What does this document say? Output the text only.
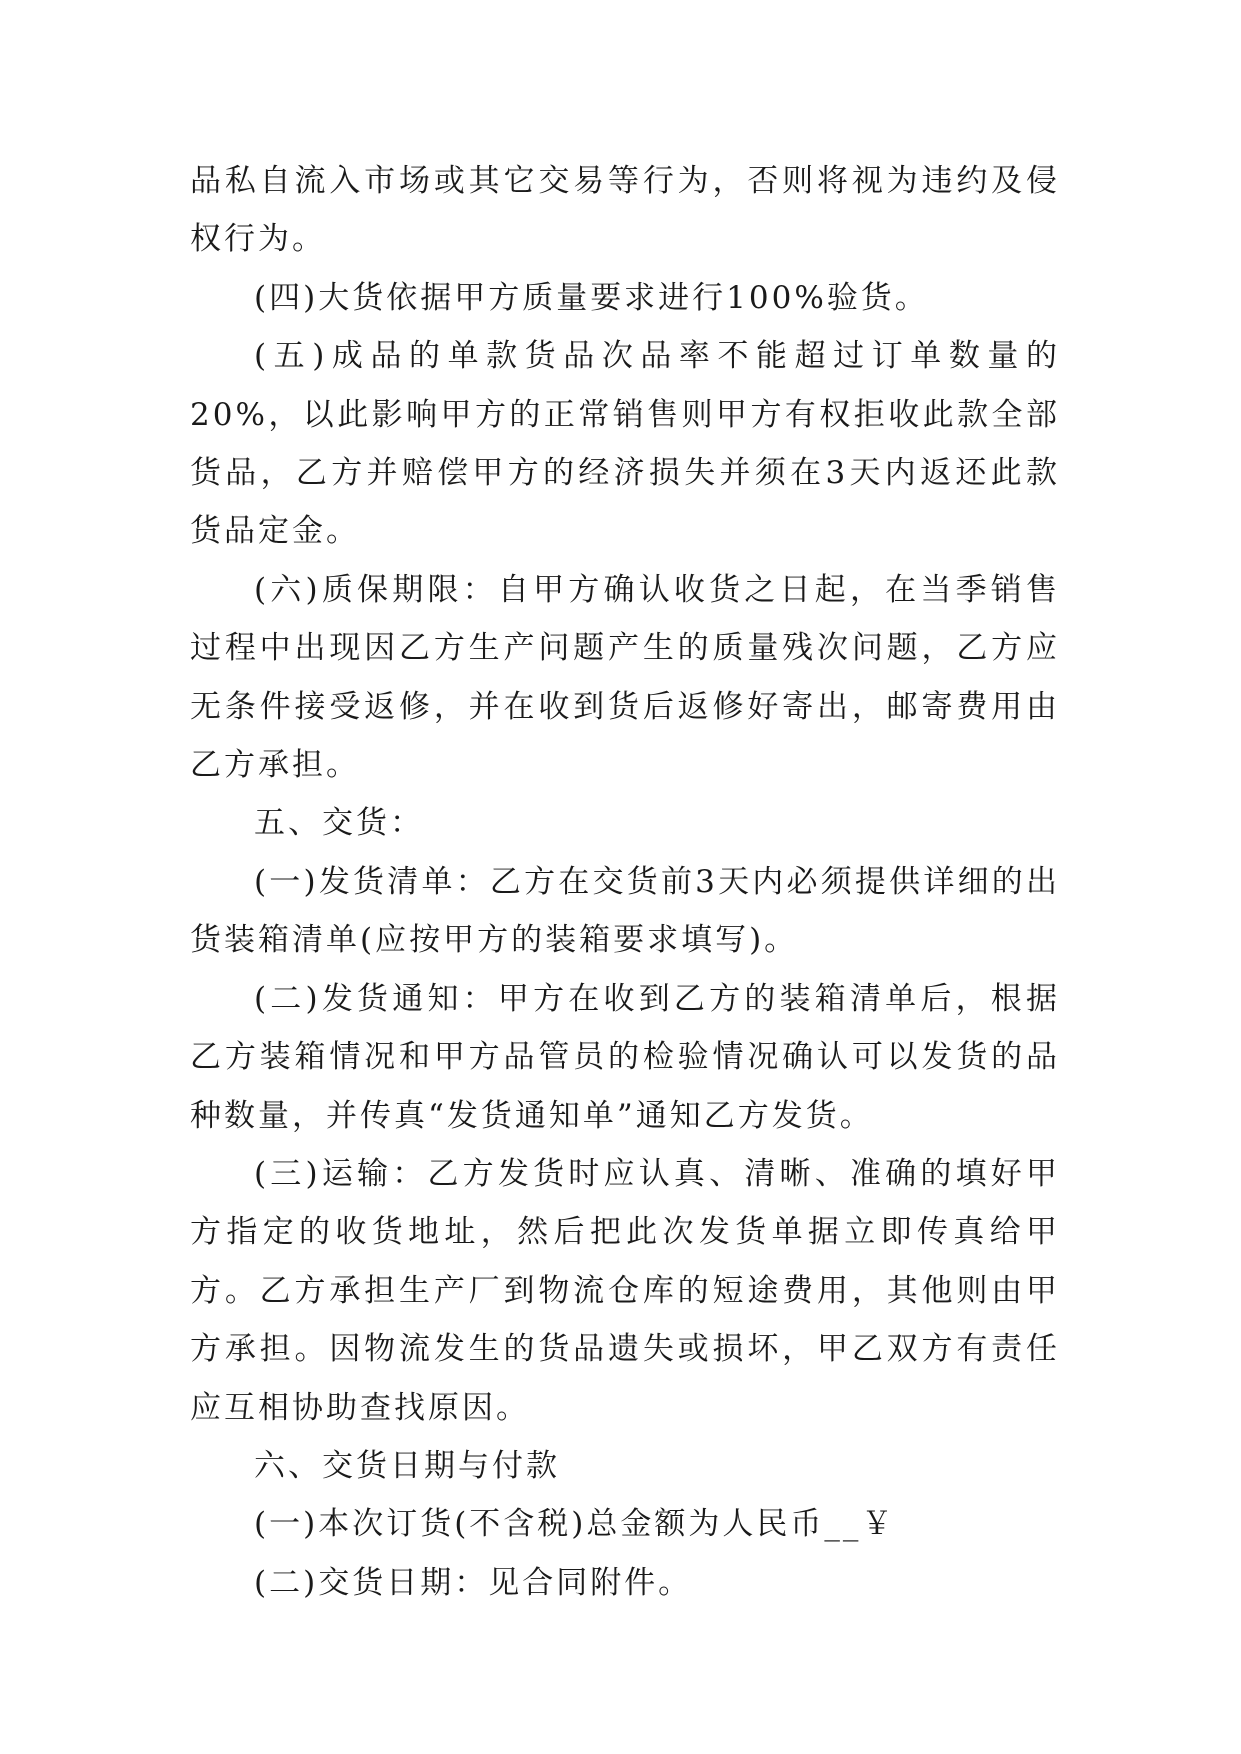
品私自流入市场或其它交易等行为，否则将视为违约及侵权行为。

(四)大货依据甲方质量要求进行100%验货。

(五)成品的单款货品次品率不能超过订单数量的20%，以此影响甲方的正常销售则甲方有权拒收此款全部货品，乙方并赔偿甲方的经济损失并须在3天内返还此款货品定金。

(六)质保期限：自甲方确认收货之日起，在当季销售过程中出现因乙方生产问题产生的质量残次问题，乙方应无条件接受返修，并在收到货后返修好寄出，邮寄费用由乙方承担。

五、交货：

(一)发货清单：乙方在交货前3天内必须提供详细的出货装箱清单(应按甲方的装箱要求填写)。

(二)发货通知：甲方在收到乙方的装箱清单后，根据乙方装箱情况和甲方品管员的检验情况确认可以发货的品种数量，并传真“发货通知单”通知乙方发货。

(三)运输：乙方发货时应认真、清晰、准确的填好甲方指定的收货地址，然后把此次发货单据立即传真给甲方。乙方承担生产厂到物流仓库的短途费用，其他则由甲方承担。因物流发生的货品遗失或损坏，甲乙双方有责任应互相协助查找原因。

六、交货日期与付款

(一)本次订货(不含税)总金额为人民币__￥

(二)交货日期：见合同附件。
